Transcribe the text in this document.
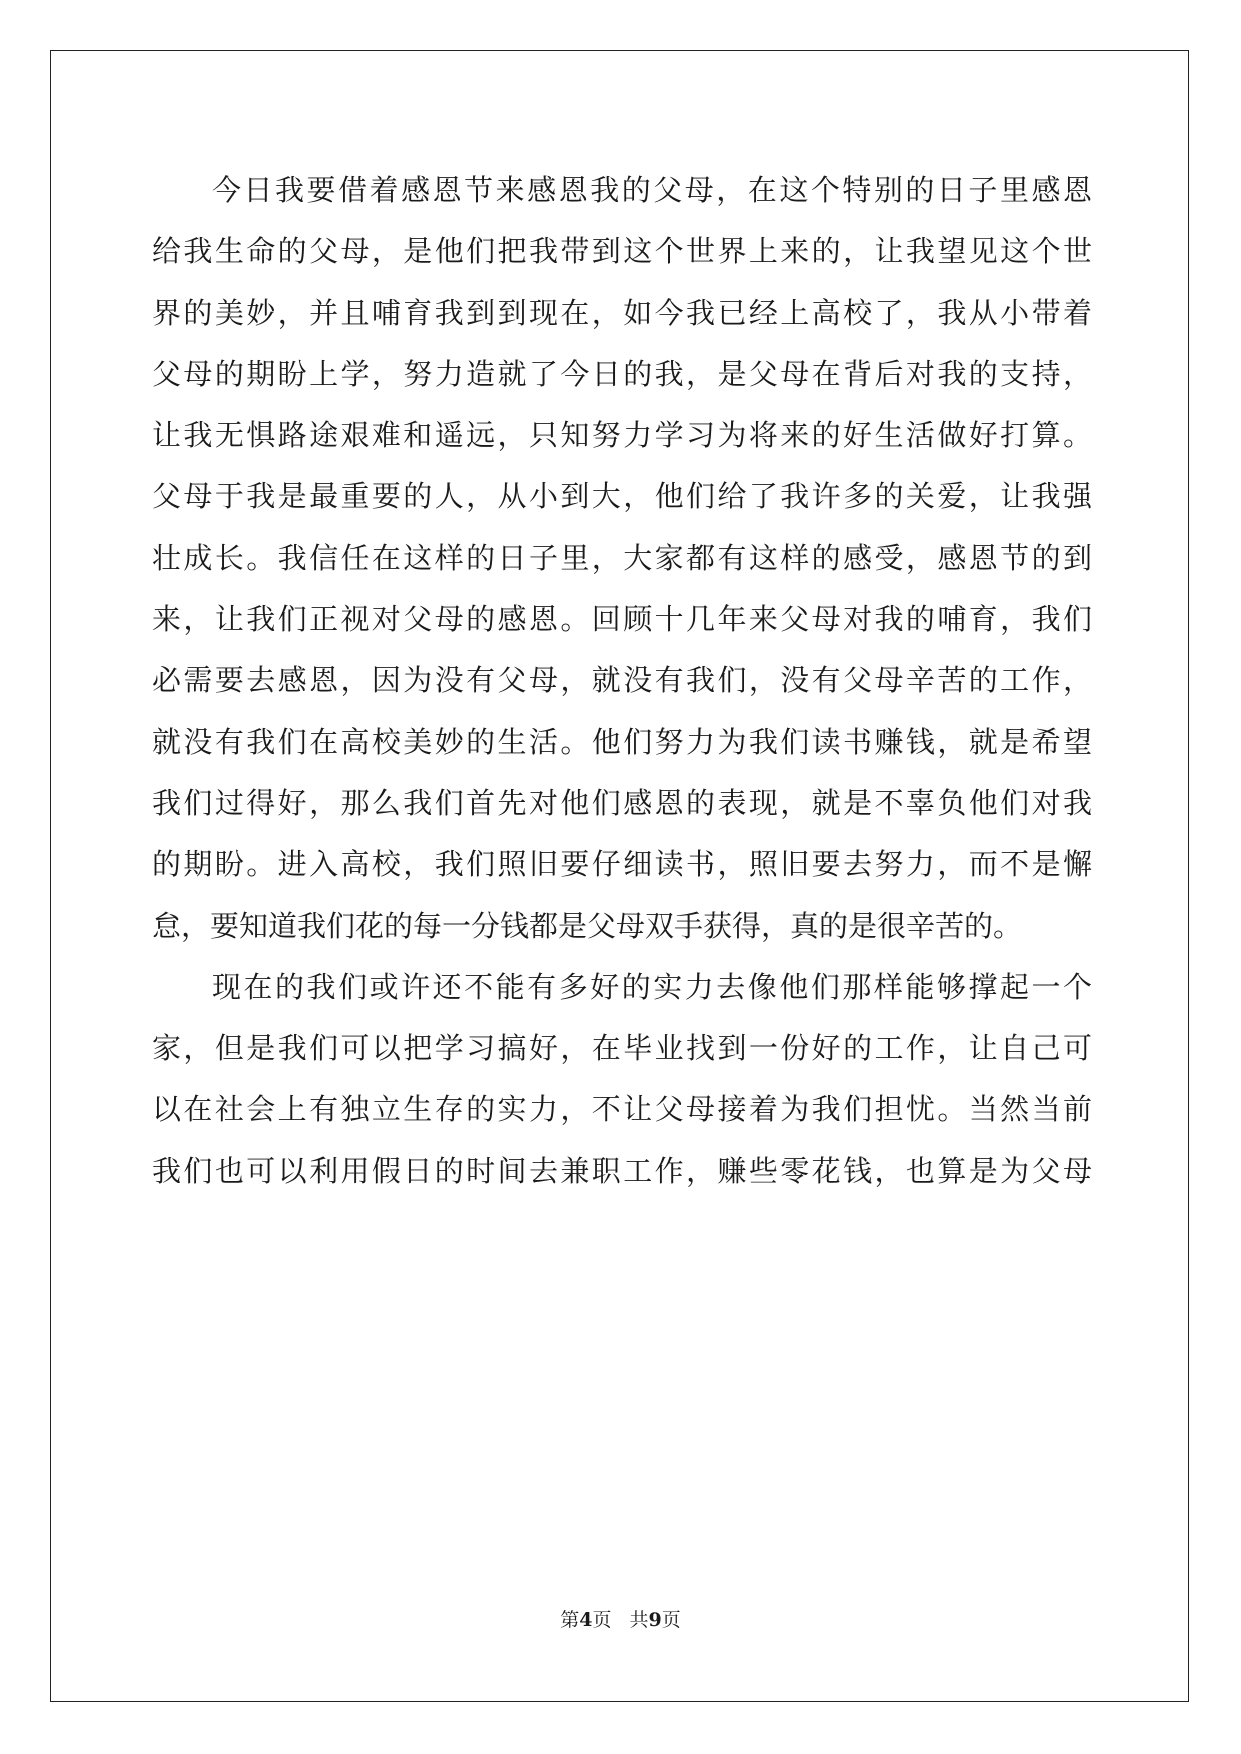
今日我要借着感恩节来感恩我的父母，在这个特别的日子里感恩
给我生命的父母，是他们把我带到这个世界上来的，让我望见这个世
界的美妙，并且哺育我到到现在，如今我已经上高校了，我从小带着
父母的期盼上学，努力造就了今日的我，是父母在背后对我的支持，
让我无惧路途艰难和遥远，只知努力学习为将来的好生活做好打算。
父母于我是最重要的人，从小到大，他们给了我许多的关爱，让我强
壮成长。我信任在这样的日子里，大家都有这样的感受，感恩节的到
来，让我们正视对父母的感恩。回顾十几年来父母对我的哺育，我们
必需要去感恩，因为没有父母，就没有我们，没有父母辛苦的工作，
就没有我们在高校美妙的生活。他们努力为我们读书赚钱，就是希望
我们过得好，那么我们首先对他们感恩的表现，就是不辜负他们对我
的期盼。进入高校，我们照旧要仔细读书，照旧要去努力，而不是懈
怠，要知道我们花的每一分钱都是父母双手获得，真的是很辛苦的。
现在的我们或许还不能有多好的实力去像他们那样能够撑起一个
家，但是我们可以把学习搞好，在毕业找到一份好的工作，让自己可
以在社会上有独立生存的实力，不让父母接着为我们担忧。当然当前
我们也可以利用假日的时间去兼职工作，赚些零花钱，也算是为父母
第4页 共9页
